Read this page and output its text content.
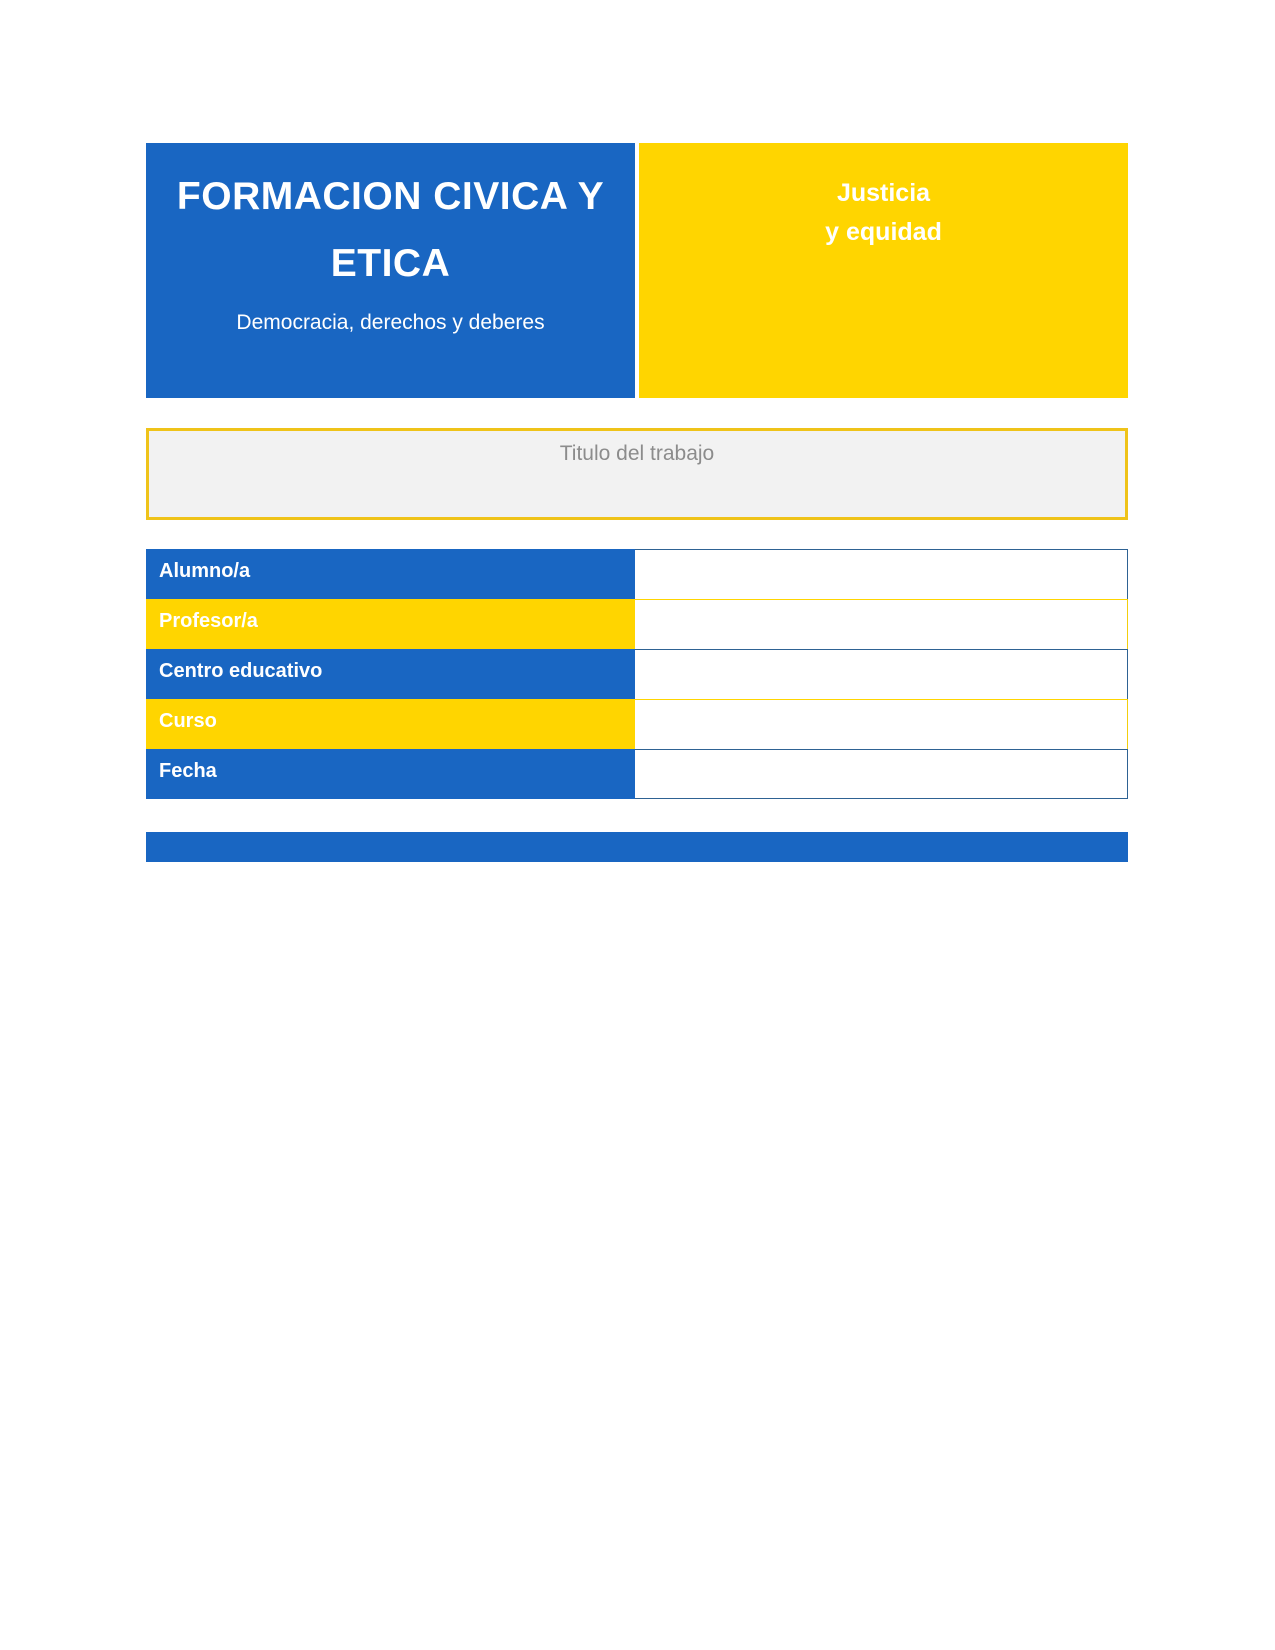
FORMACION CIVICA Y
ETICA
Democracia, derechos y deberes
Justicia
y equidad
Titulo del trabajo
Alumno/a
Profesor/a
Centro educativo
Curso
Fecha
